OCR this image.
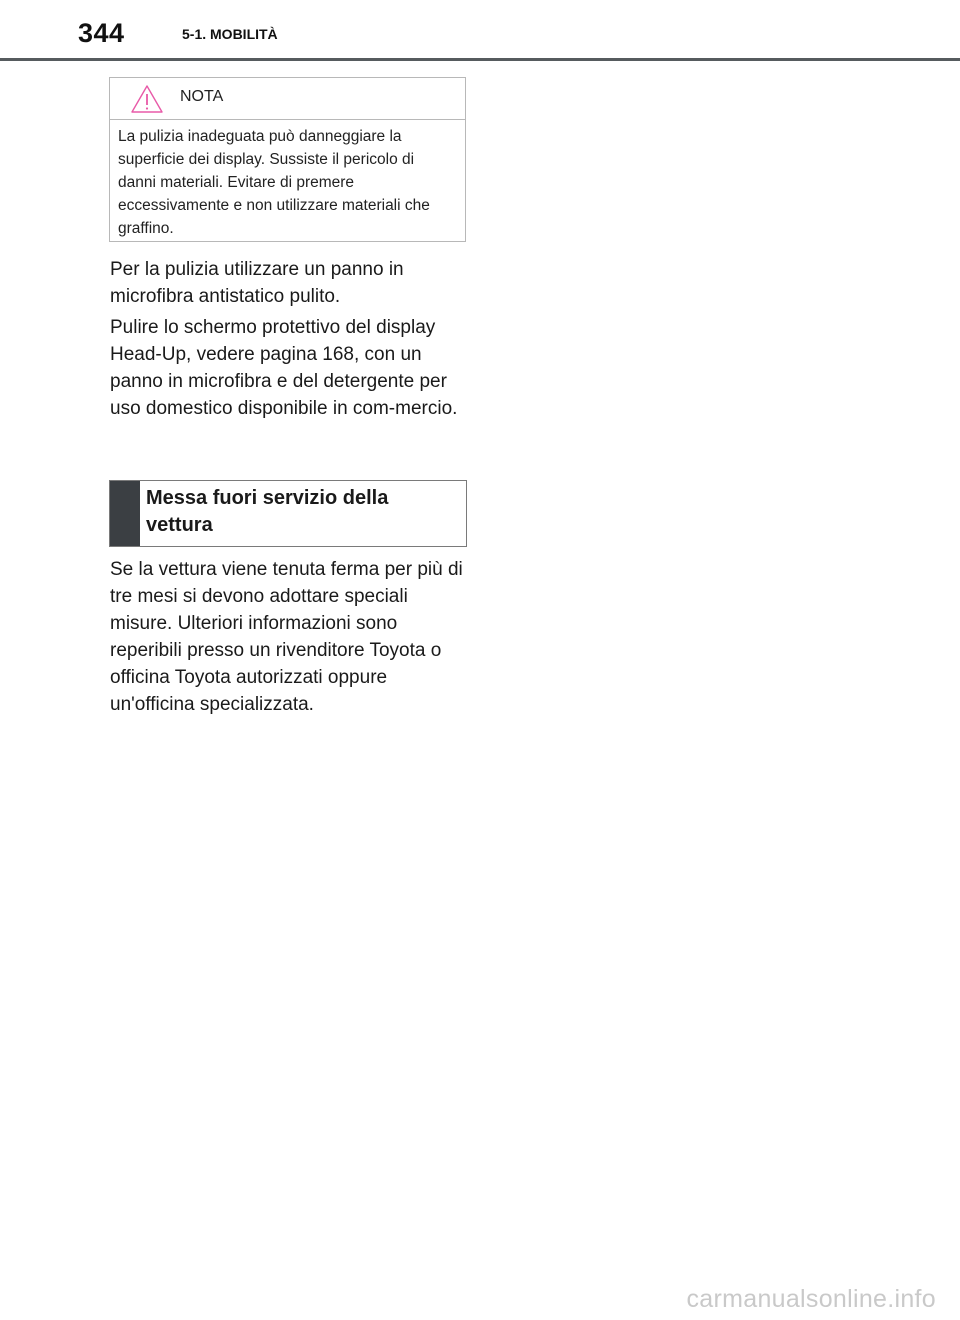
344	5-1. MOBILITÀ
NOTA
La pulizia inadeguata può danneggiare la superficie dei display. Sussiste il pericolo di danni materiali. Evitare di premere eccessivamente e non utilizzare materiali che graffino.

Per la pulizia utilizzare un panno in microfibra antistatico pulito.

Pulire lo schermo protettivo del display Head-Up, vedere pagina 168, con un panno in microfibra e del detergente per uso domestico disponibile in com-mercio.

Messa fuori servizio della vettura

Se la vettura viene tenuta ferma per più di tre mesi si devono adottare speciali misure. Ulteriori informazioni sono reperibili presso un rivenditore Toyota o officina Toyota autorizzati oppure un'officina specializzata.

carmanualsonline.info
